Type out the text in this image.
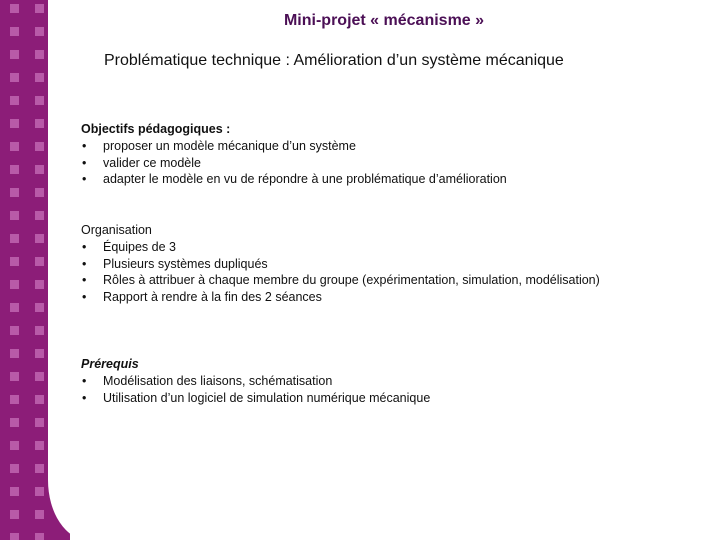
Mini-projet « mécanisme »
Problématique technique : Amélioration d’un système mécanique
Objectifs pédagogiques :
• proposer un modèle mécanique d’un système
• valider ce modèle
• adapter le modèle en vu de répondre à une problématique d’amélioration
Organisation
• Équipes de 3
• Plusieurs systèmes dupliqués
• Rôles à attribuer à chaque membre du groupe (expérimentation, simulation, modélisation)
• Rapport à rendre à la fin des 2 séances
Prérequis
• Modélisation des liaisons, schématisation
• Utilisation d’un logiciel de simulation numérique mécanique
